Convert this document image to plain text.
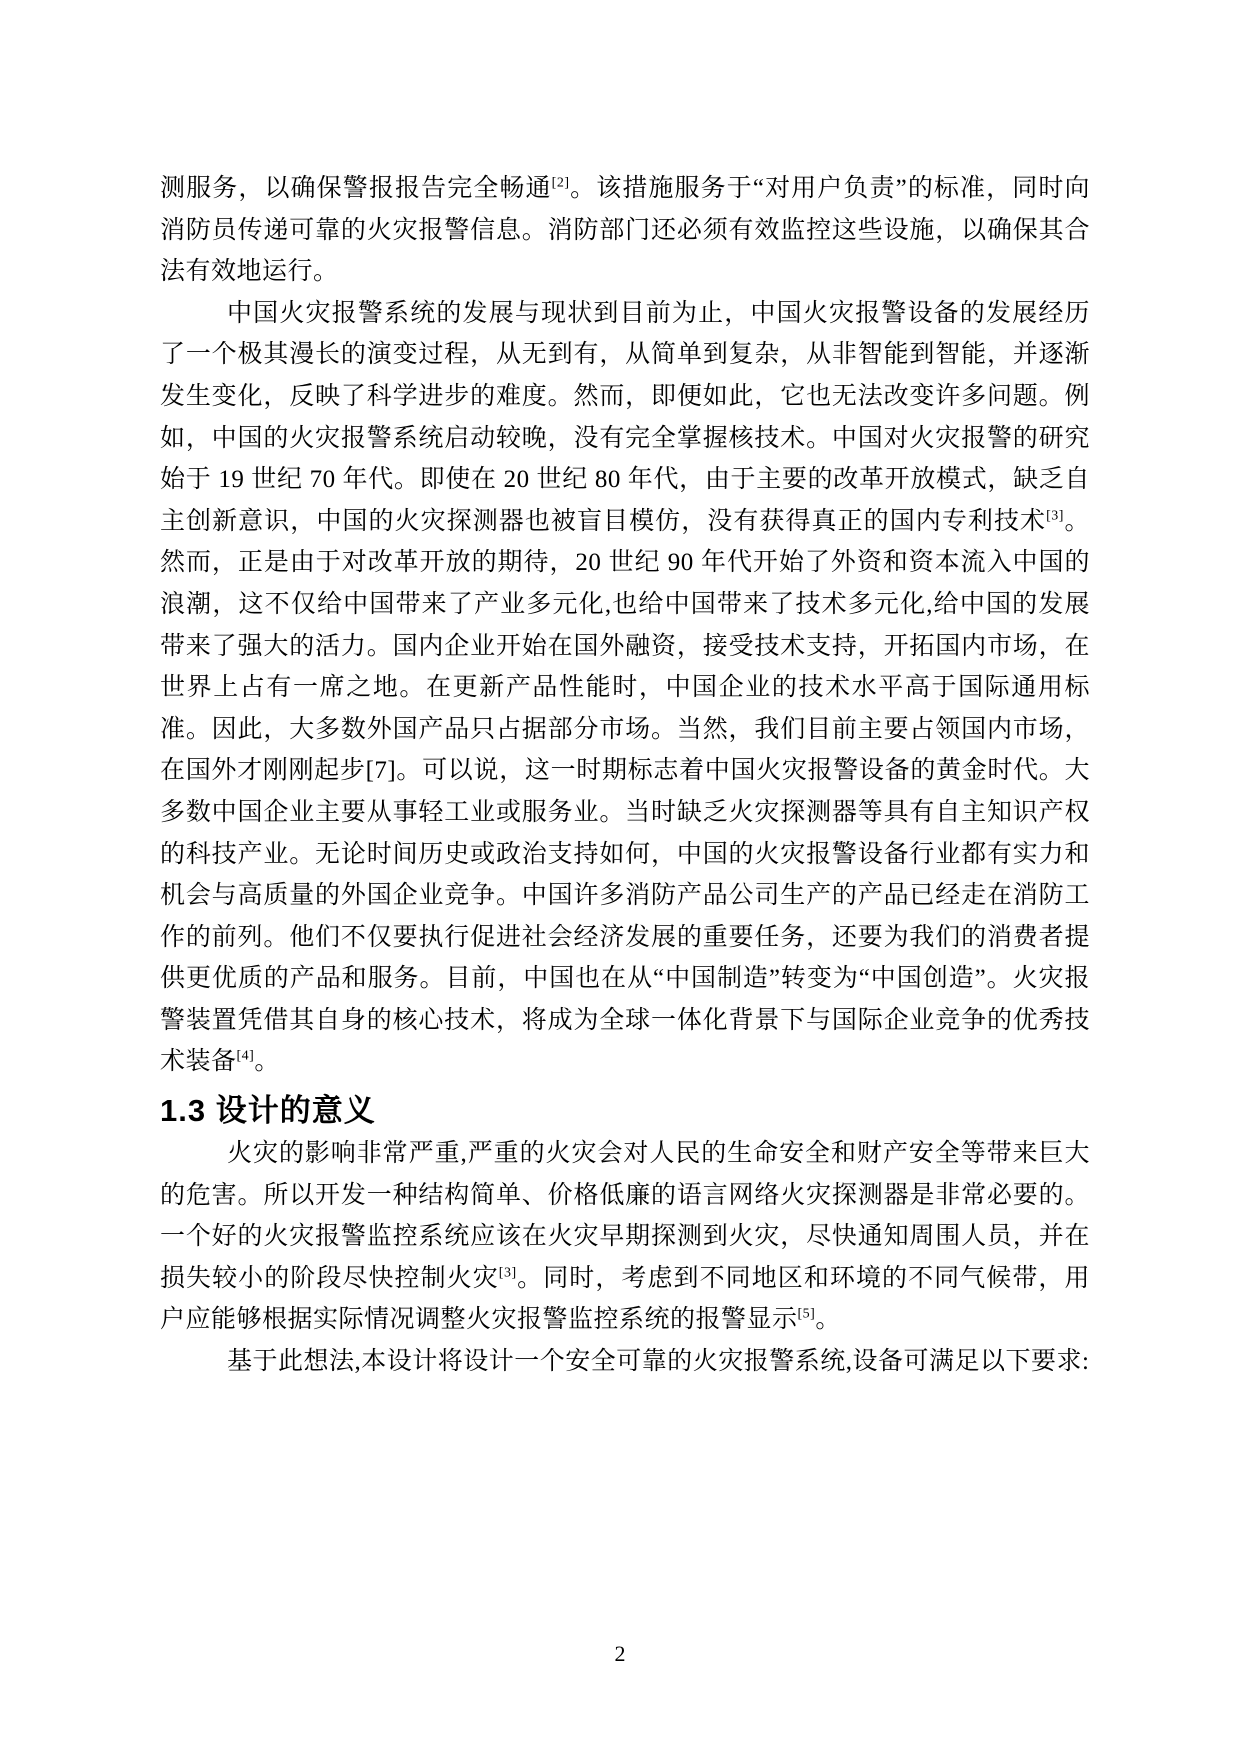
测服务，以确保警报报告完全畅通[2]。该措施服务于“对用户负责”的标准，同时向消防员传递可靠的火灾报警信息。消防部门还必须有效监控这些设施，以确保其合法有效地运行。

中国火灾报警系统的发展与现状到目前为止，中国火灾报警设备的发展经历了一个极其漫长的演变过程，从无到有，从简单到复杂，从非智能到智能，并逐渐发生变化，反映了科学进步的难度。然而，即便如此，它也无法改变许多问题。例如，中国的火灾报警系统启动较晚，没有完全掌握核技术。中国对火灾报警的研究始于 19 世纪 70 年代。即使在 20 世纪 80 年代，由于主要的改革开放模式，缺乏自主创新意识，中国的火灾探测器也被盲目模仿，没有获得真正的国内专利技术[3]。然而，正是由于对改革开放的期待，20 世纪 90 年代开始了外资和资本流入中国的浪潮，这不仅给中国带来了产业多元化,也给中国带来了技术多元化,给中国的发展带来了强大的活力。国内企业开始在国外融资，接受技术支持，开拓国内市场，在世界上占有一席之地。在更新产品性能时，中国企业的技术水平高于国际通用标准。因此，大多数外国产品只占据部分市场。当然，我们目前主要占领国内市场，在国外才刚刚起步[7]。可以说，这一时期标志着中国火灾报警设备的黄金时代。大多数中国企业主要从事轻工业或服务业。当时缺乏火灾探测器等具有自主知识产权的科技产业。无论时间历史或政治支持如何，中国的火灾报警设备行业都有实力和机会与高质量的外国企业竞争。中国许多消防产品公司生产的产品已经走在消防工作的前列。他们不仅要执行促进社会经济发展的重要任务，还要为我们的消费者提供更优质的产品和服务。目前，中国也在从“中国制造”转变为“中国创造”。火灾报警装置凭借其自身的核心技术，将成为全球一体化背景下与国际企业竞争的优秀技术装备[4]。

1.3 设计的意义

火灾的影响非常严重,严重的火灾会对人民的生命安全和财产安全等带来巨大的危害。所以开发一种结构简单、价格低廉的语言网络火灾探测器是非常必要的。一个好的火灾报警监控系统应该在火灾早期探测到火灾，尽快通知周围人员，并在损失较小的阶段尽快控制火灾[3]。同时，考虑到不同地区和环境的不同气候带，用户应能够根据实际情况调整火灾报警监控系统的报警显示[5]。

基于此想法,本设计将设计一个安全可靠的火灾报警系统,设备可满足以下要求:

2
